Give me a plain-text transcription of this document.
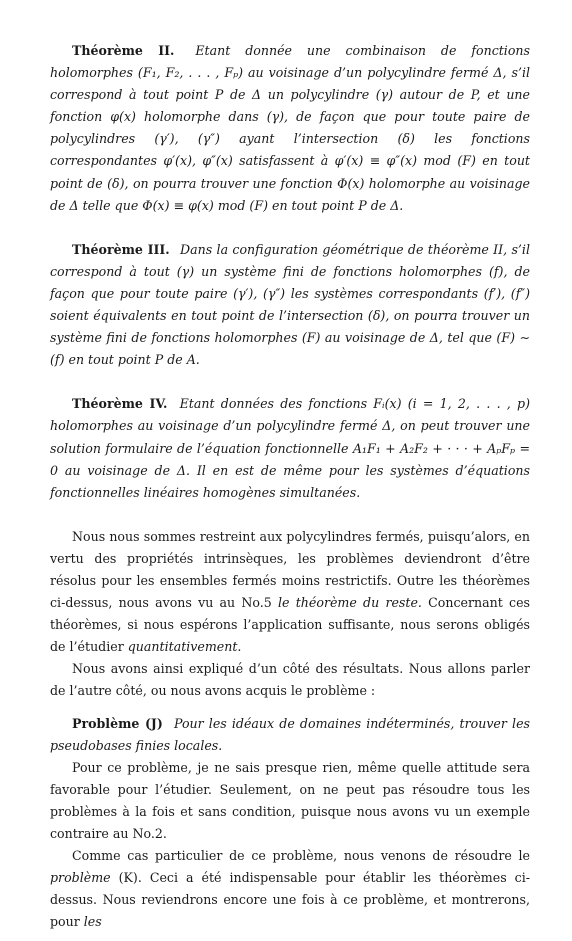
Théorème II. Etant donnée une combinaison de fonctions holomorphes (F₁, F₂, . . . , Fₚ) au voisinage d’un polycylindre fermé Δ, s’il correspond à tout point P de Δ un polycylindre (γ) autour de P, et une fonction φ(x) holomorphe dans (γ), de façon que pour toute paire de polycylindres (γ′), (γ″) ayant l’intersection (δ) les fonctions correspondantes φ′(x), φ″(x) satisfassent à φ′(x) ≡ φ″(x) mod (F) en tout point de (δ), on pourra trouver une fonction Φ(x) holomorphe au voisinage de Δ telle que Φ(x) ≡ φ(x) mod (F) en tout point P de Δ.

Théorème III. Dans la configuration géométrique de théorème II, s’il correspond à tout (γ) un système fini de fonctions holomorphes (f), de façon que pour toute paire (γ′), (γ″) les systèmes correspondants (f′), (f″) soient équivalents en tout point de l’intersection (δ), on pourra trouver un système fini de fonctions holomorphes (F) au voisinage de Δ, tel que (F) ∼ (f) en tout point P de A.

Théorème IV. Etant données des fonctions Fᵢ(x) (i = 1, 2, . . . , p) holomorphes au voisinage d’un polycylindre fermé Δ, on peut trouver une solution formulaire de l’équation fonctionnelle A₁F₁ + A₂F₂ + · · · + AₚFₚ = 0 au voisinage de Δ. Il en est de même pour les systèmes d’équations fonctionnelles linéaires homogènes simultanées.

Nous nous sommes restreint aux polycylindres fermés, puisqu’alors, en vertu des propriétés intrinsèques, les problèmes deviendront d’être résolus pour les ensembles fermés moins restrictifs. Outre les théorèmes ci-dessus, nous avons vu au No.5 le théorème du reste. Concernant ces théorèmes, si nous espérons l’application suffisante, nous serons obligés de l’étudier quantitativement.

Nous avons ainsi expliqué d’un côté des résultats. Nous allons parler de l’autre côté, ou nous avons acquis le problème :

Problème (J) Pour les idéaux de domaines indéterminés, trouver les pseudobases finies locales.

Pour ce problème, je ne sais presque rien, même quelle attitude sera favorable pour l’étudier. Seulement, on ne peut pas résoudre tous les problèmes à la fois et sans condition, puisque nous avons vu un exemple contraire au No.2.

Comme cas particulier de ce problème, nous venons de résoudre le problème (K). Ceci a été indispensable pour établir les théorèmes ci-dessus. Nous reviendrons encore une fois à ce problème, et montrerons, pour les
